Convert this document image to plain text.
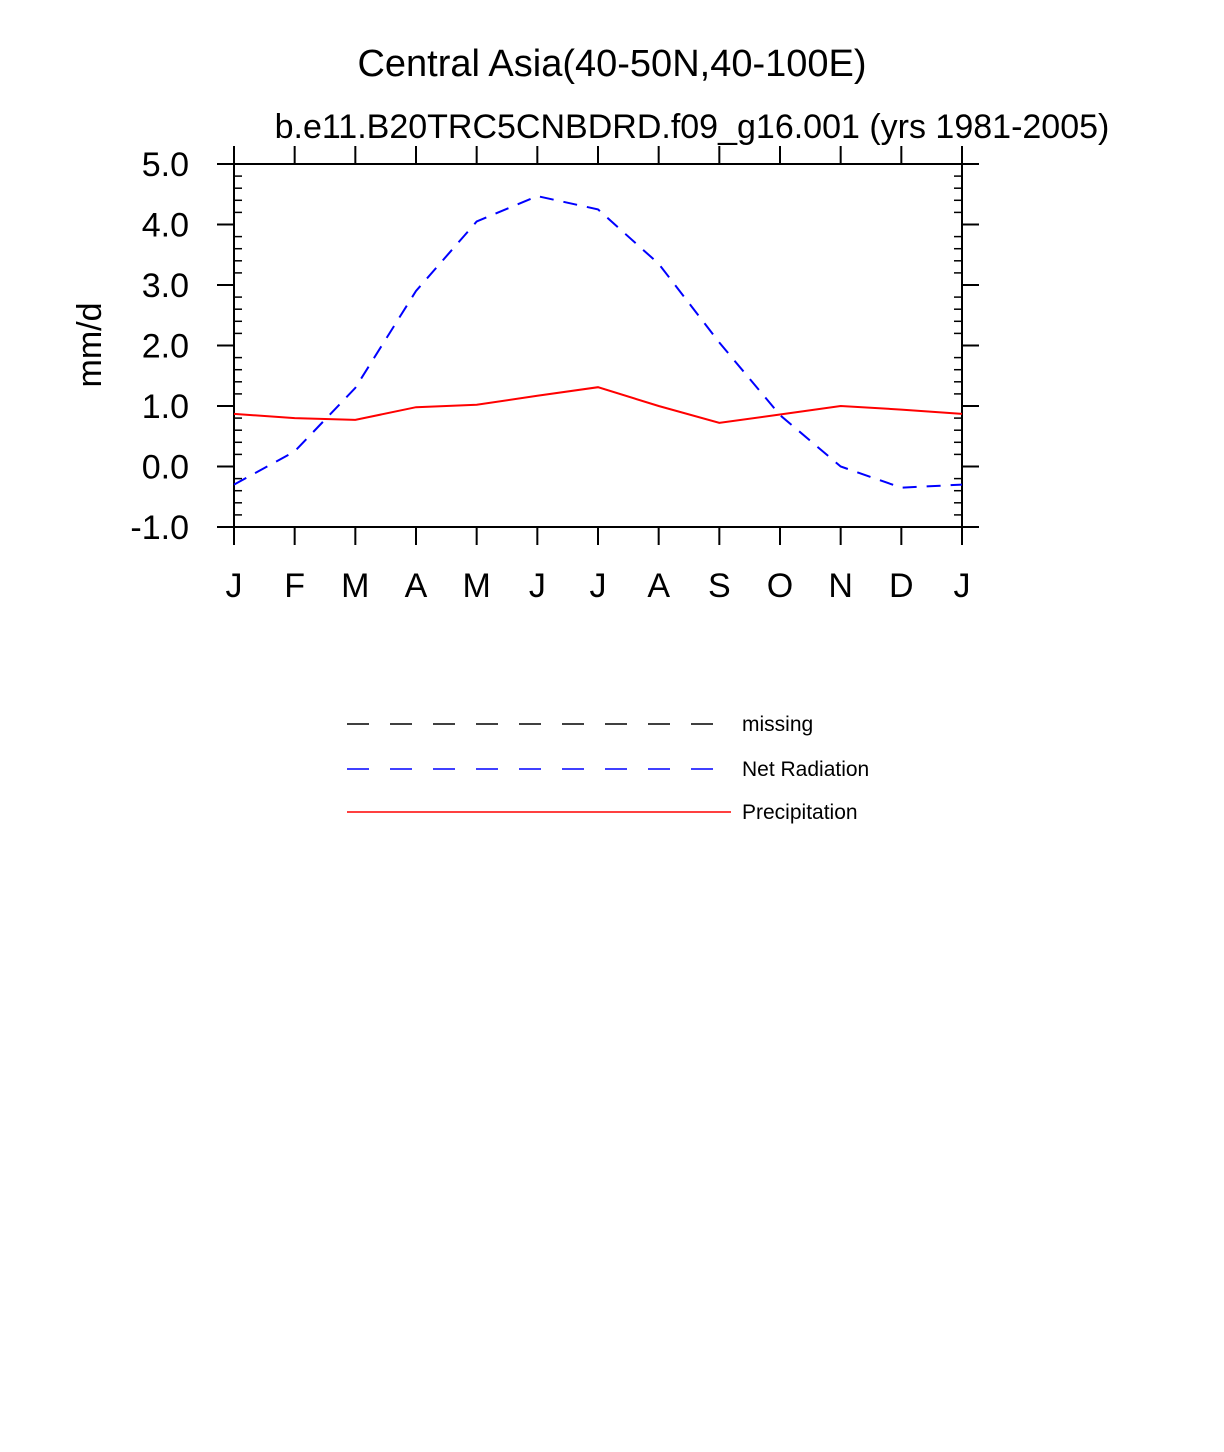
Central Asia(40-50N,40-100E)
b.e11.B20TRC5CNBDRD.f09_g16.001 (yrs 1981-2005)
mm/d
5.0
4.0
3.0
2.0
1.0
0.0
-1.0
J F M A M J J A S O N D J
missing
Net Radiation
Precipitation
